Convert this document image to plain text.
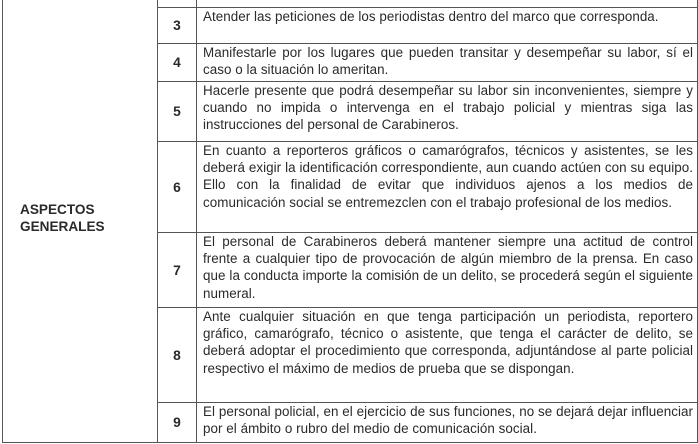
ASPECTOS
GENERALES		
	3	Atender las peticiones de los periodistas dentro del marco que corresponda.
	4	Manifestarle por los lugares que pueden transitar y desempeñar su labor, sí el caso o la situación lo ameritan.
	5	Hacerle presente que podrá desempeñar su labor sin inconvenientes, siempre y cuando no impida o intervenga en el trabajo policial y mientras siga las instrucciones del personal de Carabineros.
	6	En cuanto a reporteros gráficos o camarógrafos, técnicos y asistentes, se les deberá exigir la identificación correspondiente, aun cuando actúen con su equipo. Ello con la finalidad de evitar que individuos ajenos a los medios de comunicación social se entremezclen con el trabajo profesional de los medios.
	7	El personal de Carabineros deberá mantener siempre una actitud de control frente a cualquier tipo de provocación de algún miembro de la prensa. En caso que la conducta importe la comisión de un delito, se procederá según el siguiente numeral.
	8	Ante cualquier situación en que tenga participación un periodista, reportero gráfico, camarógrafo, técnico o asistente, que tenga el carácter de delito, se deberá adoptar el procedimiento que corresponda, adjuntándose al parte policial respectivo el máximo de medios de prueba que se dispongan.
	9	El personal policial, en el ejercicio de sus funciones, no se dejará dejar influenciar por el ámbito o rubro del medio de comunicación social.
